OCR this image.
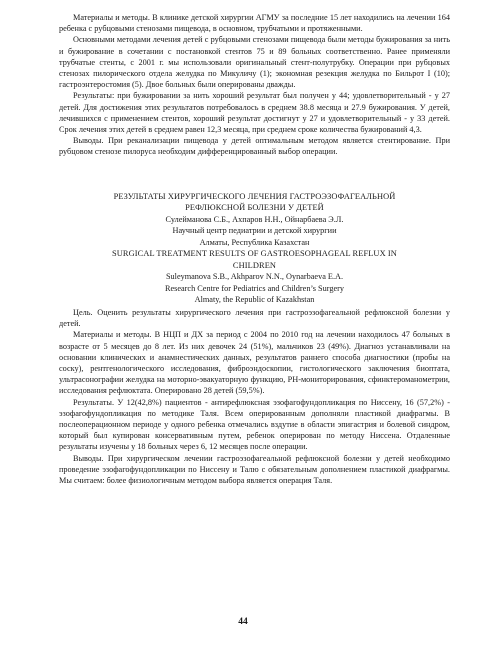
Материалы и методы. В клинике детской хирургии АГМУ за последние 15 лет находились на лечении 164 ребенка с рубцовыми стенозами пищевода, в основном, трубчатыми и протяженными.

Основными методами лечения детей с рубцовыми стенозами пищевода были методы бужирования за нить и бужирование в сочетании с постановкой стентов 75 и 89 больных соответственно. Ранее применяли трубчатые стенты, с 2001 г. мы использовали оригинальный стент-полутрубку. Операции при рубцовых стенозах пилорического отдела желудка по Микуличу (1); экономная резекция желудка по Бильрот I (10); гастроэнтеростомия (5). Двое больных были оперированы дважды.

Результаты: при бужировании за нить хороший результат был получен у 44; удовлетворительный - у 27 детей. Для достижения этих результатов потребовалось в среднем 38.8 месяца и 27.9 бужирования. У детей, лечившихся с применением стентов, хороший результат достигнут у 27 и удовлетворительный - у 33 детей. Срок лечения этих детей в среднем равен 12,3 месяца, при среднем сроке количества бужирований 4,3.

Выводы. При реканализации пищевода у детей оптимальным методом является стентирование. При рубцовом стенозе пилоруса необходим дифференцированный выбор операции.

РЕЗУЛЬТАТЫ ХИРУРГИЧЕСКОГО ЛЕЧЕНИЯ ГАСТРОЭЗОФАГЕАЛЬНОЙ

РЕФЛЮКСНОЙ БОЛЕЗНИ У ДЕТЕЙ

Сулейманова С.Б., Ахпаров Н.Н., Ойнарбаева Э.Л.

Научный центр педиатрии и детской хирургии

Алматы, Республика Казахстан

SURGICAL TREATMENT RESULTS OF GASTROESOPHAGEAL REFLUX IN

CHILDREN

Suleymanova S.B., Akhparov N.N., Oynarbaeva E.A.

Research Centre for Pediatrics and Children’s Surgery

Almaty, the Republic of Kazakhstan

Цель. Оценить результаты хирургического лечения при гастроэзофагеальной рефлюксной болезни у детей.

Материалы и методы. В НЦП и ДХ за период с 2004 по 2010 год на лечении находилось 47 больных в возрасте от 5 месяцев до 8 лет. Из них девочек 24 (51%), мальчиков 23 (49%). Диагноз устанавливали на основании клинических и анамнестических данных, результатов раннего способа диагностики (пробы на соску), рентгенологического исследования, фиброэндоскопии, гистологического заключения биоптата, ультрасонографии желудка на моторно-эвакуаторную функцию, PH-мониторирования, сфинктероманометрии, исследования рефлюктата. Оперировано 28 детей (59,5%).

Результаты. У 12(42,8%) пациентов - антирефлюксная эзофагофундопликация по Ниссену, 16 (57,2%) - эзофагофундопликация по методике Таля. Всем оперированным дополняли пластикой диафрагмы. В послеоперационном периоде у одного ребенка отмечались вздутие в области эпигастрия и болевой синдром, который был купирован консервативным путем, ребенок оперирован по методу Ниссена. Отдаленные результаты изучены у 18 больных через 6, 12 месяцев после операции.

Выводы. При хирургическом лечении гастроэзофагеальной рефлюксной болезни у детей необходимо проведение эзофагофундопликации по Ниссену и Талю с обязательным дополнением пластикой диафрагмы. Мы считаем: более физиологичным методом выбора является операция Таля.

44
